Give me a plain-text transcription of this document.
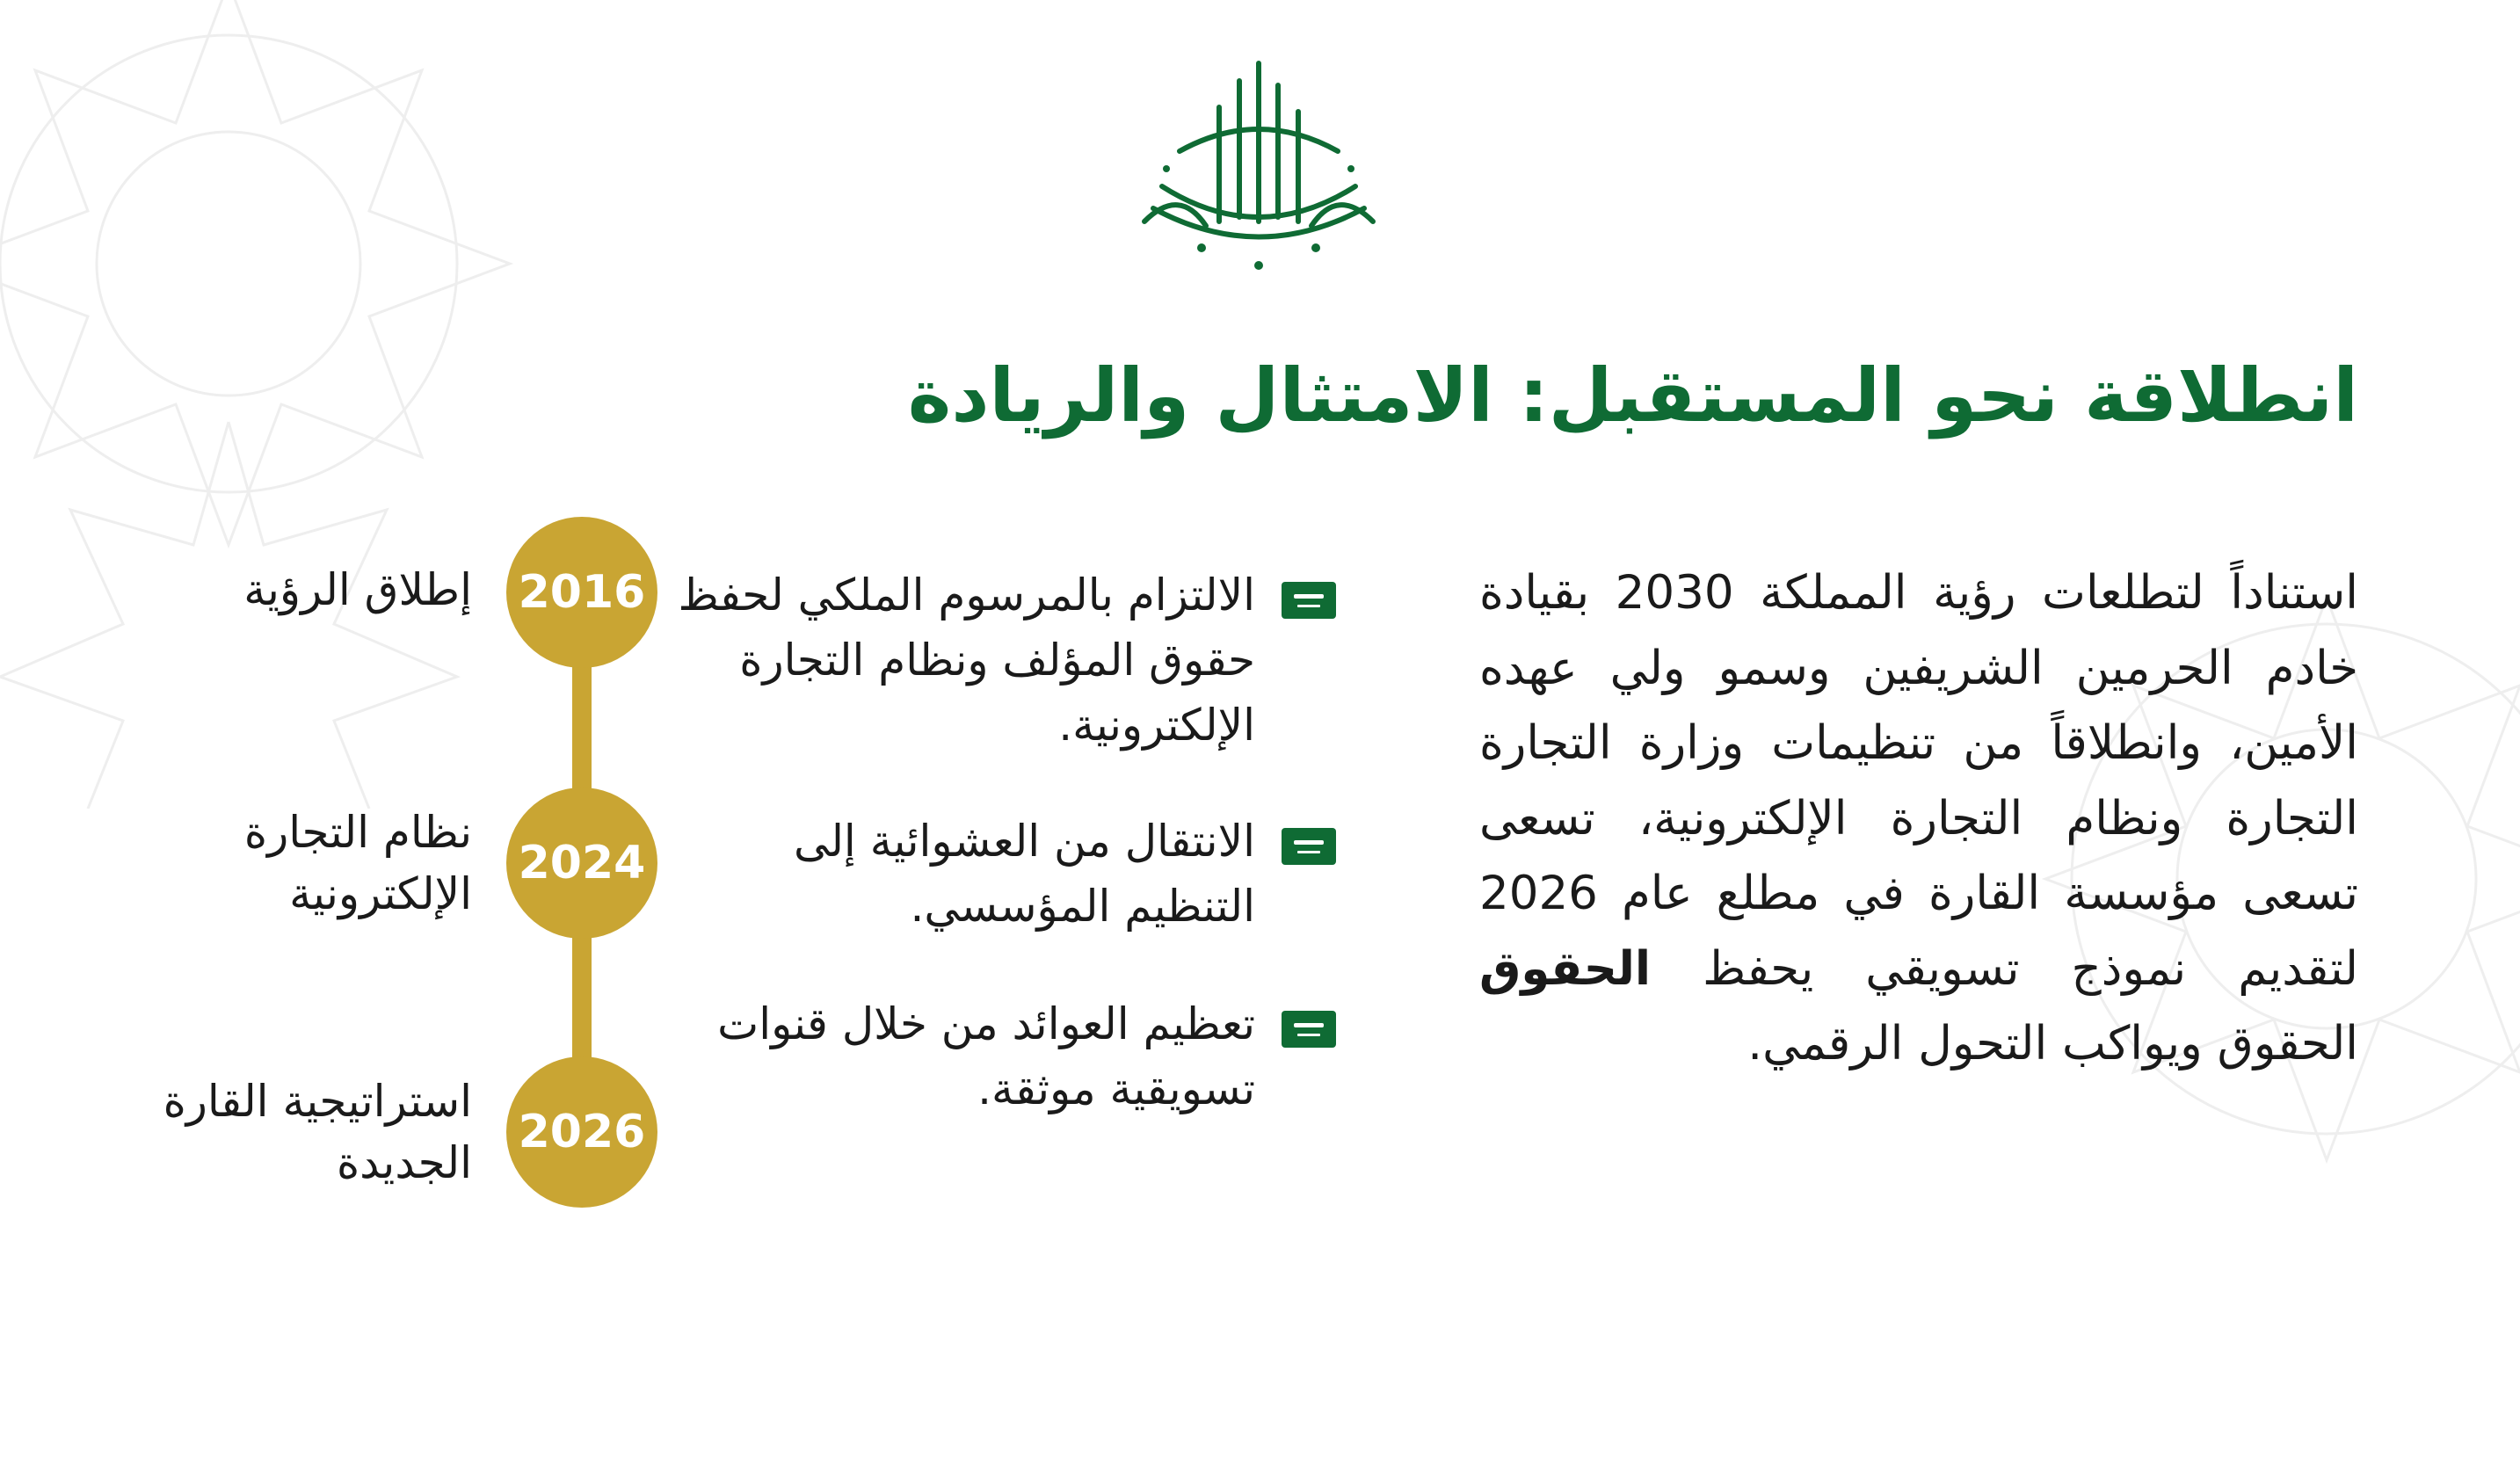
انطلاقة نحو المستقبل: الامتثال والريادة

استناداً لتطلعات رؤية المملكة 2030 بقيادة خادم الحرمين الشريفين وسمو ولي عهده الأمين، وانطلاقاً من تنظيمات وزارة التجارة التجارة ونظام التجارة الإلكترونية، تسعى تسعى مؤسسة القارة في مطلع عام 2026 لتقديم نموذج تسويقي يحفظ الحقوق الحقوق ويواكب التحول الرقمي.

الالتزام بالمرسوم الملكي لحفظ حقوق المؤلف ونظام التجارة الإلكترونية.

الانتقال من العشوائية إلى التنظيم المؤسسي.

تعظيم العوائد من خلال قنوات تسويقية موثقة.

2016

إطلاق الرؤية

2024

نظام التجارة الإلكترونية

2026

استراتيجية القارة الجديدة
